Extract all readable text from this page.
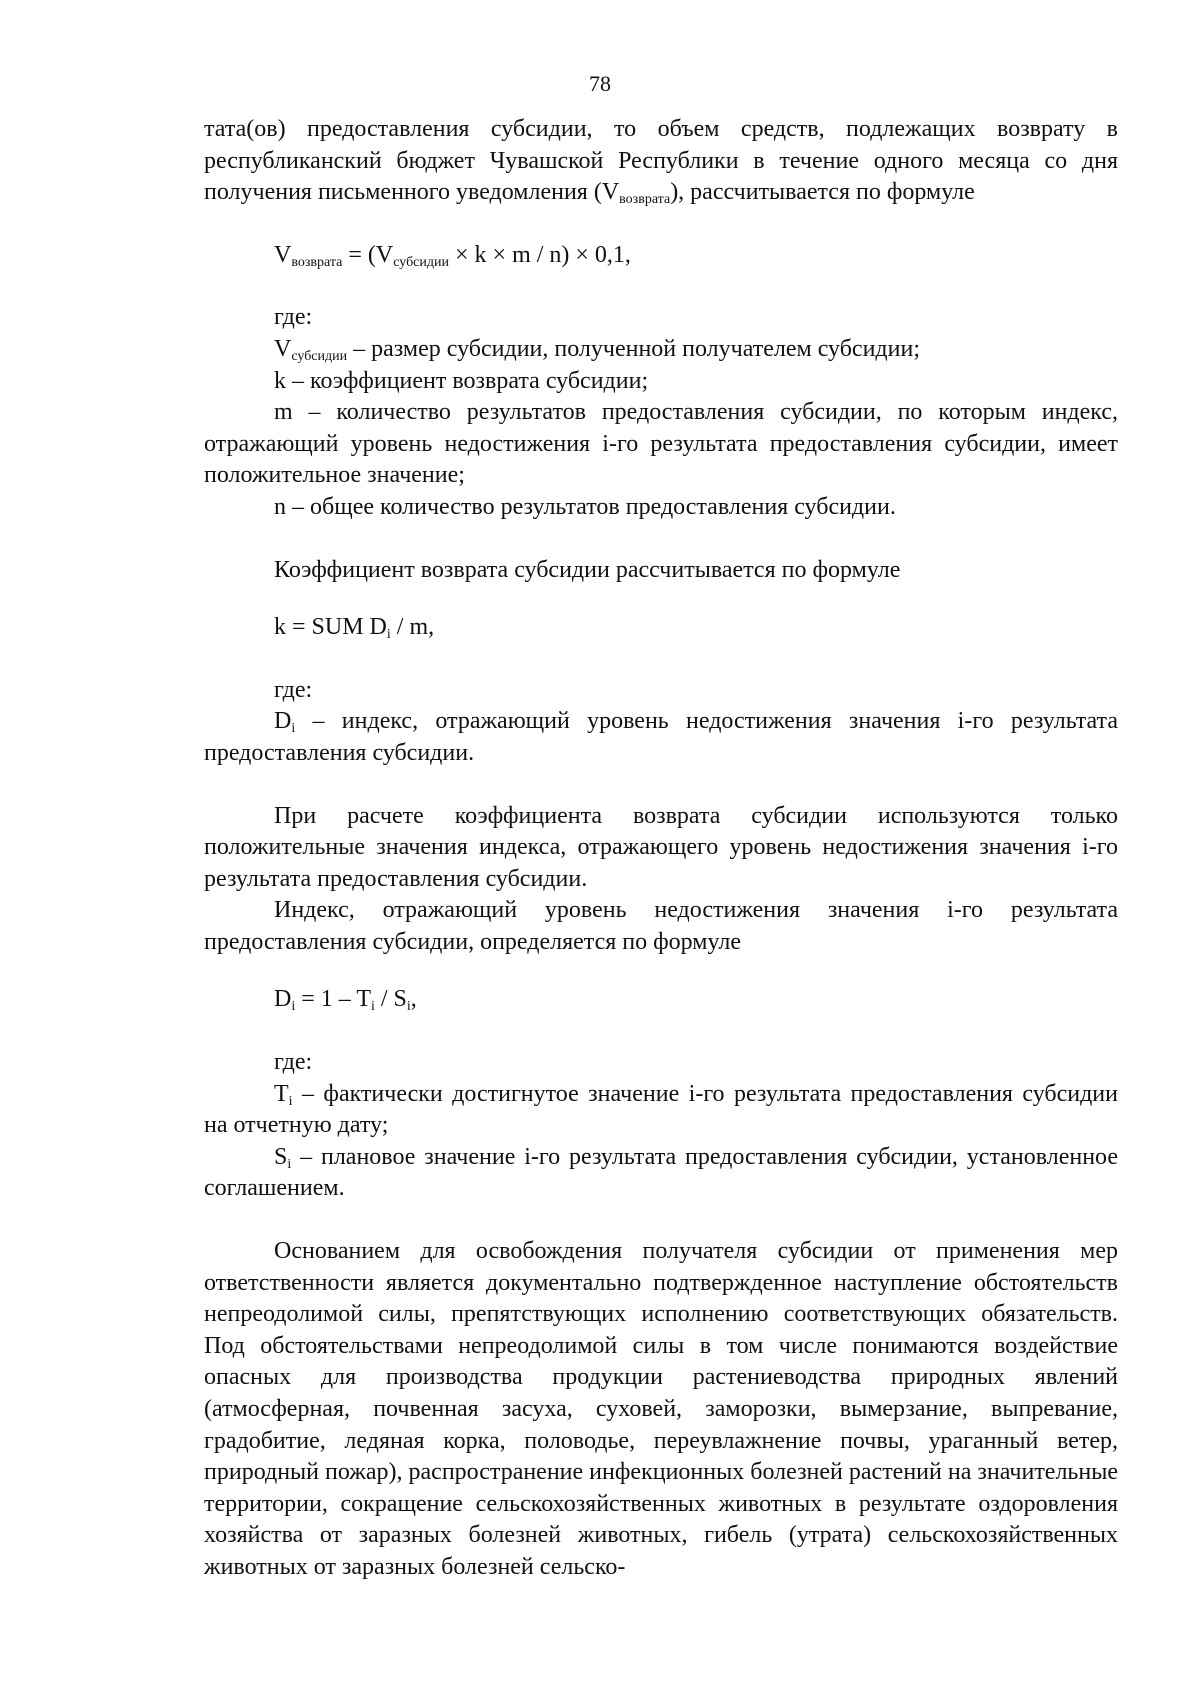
78

тата(ов) предоставления субсидии, то объем средств, подлежащих возврату в республиканский бюджет Чувашской Республики в течение одного месяца со дня получения письменного уведомления $(V_{возврата})$, рассчитывается по формуле

$V_{возврата} = (V_{субсидии} \times k \times m / n) \times 0,1$,

где:

$V_{субсидии}$ – размер субсидии, полученной получателем субсидии;

k – коэффициент возврата субсидии;

m – количество результатов предоставления субсидии, по которым индекс, отражающий уровень недостижения i-го результата предоставления субсидии, имеет положительное значение;

n – общее количество результатов предоставления субсидии.

Коэффициент возврата субсидии рассчитывается по формуле

k = SUM $D_i$ / m,

где:

$D_i$ – индекс, отражающий уровень недостижения значения i-го результата предоставления субсидии.

При расчете коэффициента возврата субсидии используются только положительные значения индекса, отражающего уровень недостижения значения i-го результата предоставления субсидии.

Индекс, отражающий уровень недостижения значения i-го результата предоставления субсидии, определяется по формуле

$D_i = 1 - T_i / S_i$,

где:

$T_i$ – фактически достигнутое значение i-го результата предоставления субсидии на отчетную дату;

$S_i$ – плановое значение i-го результата предоставления субсидии, установленное соглашением.

Основанием для освобождения получателя субсидии от применения мер ответственности является документально подтвержденное наступление обстоятельств непреодолимой силы, препятствующих исполнению соответствующих обязательств. Под обстоятельствами непреодолимой силы в том числе понимаются воздействие опасных для производства продукции растениеводства природных явлений (атмосферная, почвенная засуха, суховей, заморозки, вымерзание, выпревание, градобитие, ледяная корка, половодье, переувлажнение почвы, ураганный ветер, природный пожар), распространение инфекционных болезней растений на значительные территории, сокращение сельскохозяйственных животных в результате оздоровления хозяйства от заразных болезней животных, гибель (утрата) сельскохозяйственных животных от заразных болезней сельско-
